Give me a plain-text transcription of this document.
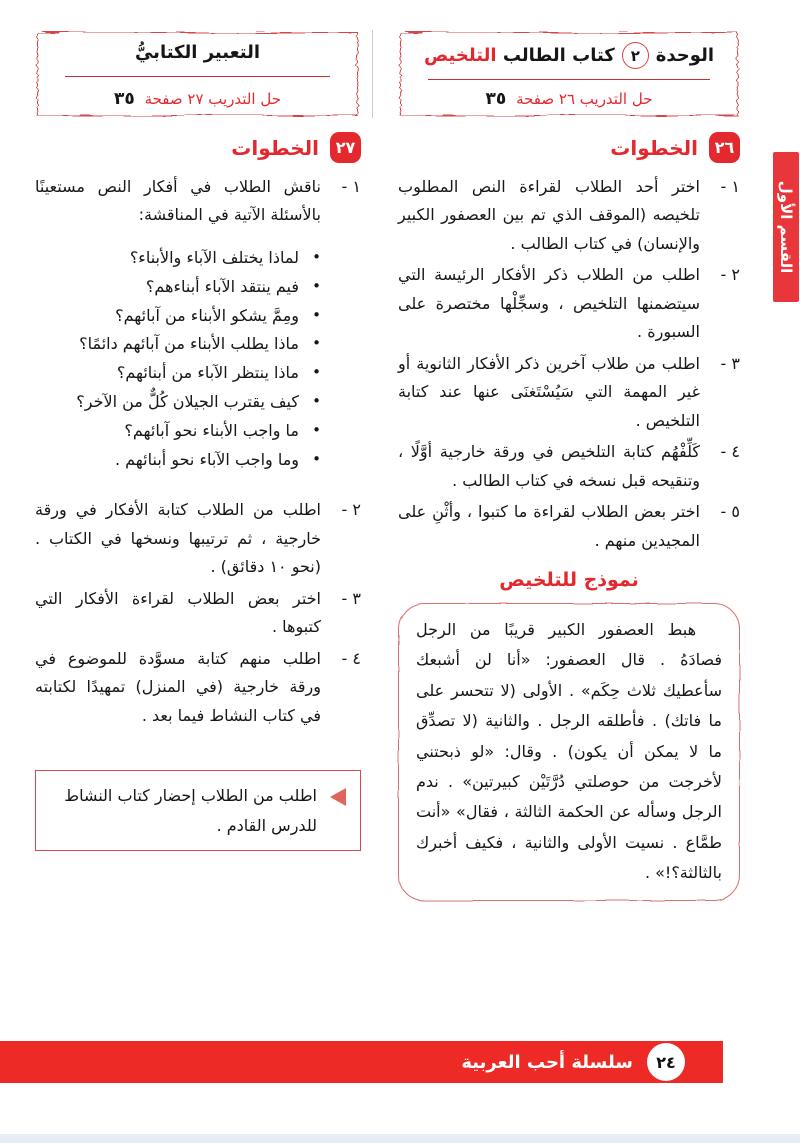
القسم الأول
الوحدة
٢
كتاب الطالب
التلخيص
حل التدريب ٢٦ صفحة ٣٥
التعبير الكتابيُّ
حل التدريب ٢٧ صفحة ٣٥
٢٦
الخطوات
١ -
اختر أحد الطلاب لقراءة النص المطلوب تلخيصه (الموقف الذي تم بين العصفور الكبير والإنسان) في كتاب الطالب .
٢ -
اطلب من الطلاب ذكر الأفكار الرئيسة التي سيتضمنها التلخيص ، وسجِّلْها مختصرة على السبورة .
٣ -
اطلب من طلاب آخرين ذكر الأفكار الثانوية أو غير المهمة التي سَيُسْتَغنَى عنها عند كتابة التلخيص .
٤ -
كَلِّفْهُم كتابة التلخيص في ورقة خارجية أوَّلًا ، وتنقيحه قبل نسخه في كتاب الطالب .
٥ -
اختر بعض الطلاب لقراءة ما كتبوا ، وأثْنِ على المجيدين منهم .
نموذج للتلخيص

هبط العصفور الكبير قريبًا من الرجل فصادَهُ . قال العصفور: «أنا لن أشبعك سأعطيك ثلاث حِكَم» . الأولى (لا تتحسر على ما فاتك) . فأطلقه الرجل . والثانية (لا تصدِّق ما لا يمكن أن يكون) . وقال: «لو ذبحتني لأخرجت من حوصلتي دُرَّتَيْن كبيرتين» . ندم الرجل وسأله عن الحكمة الثالثة ، فقال» «أنت طمَّاع . نسيت الأولى والثانية ، فكيف أخبرك بالثالثة؟!» .

٢٧
الخطوات
١ -
ناقش الطلاب في أفكار النص مستعينًا بالأسئلة الآتية في المناقشة:
• لماذا يختلف الآباء والأبناء؟
• فيم ينتقد الآباء أبناءهم؟
• ومِمَّ يشكو الأبناء من آبائهم؟
• ماذا يطلب الأبناء من آبائهم دائمًا؟
• ماذا ينتظر الآباء من أبنائهم؟
• كيف يقترب الجيلان كُلٌّ من الآخر؟
• ما واجب الأبناء نحو آبائهم؟
• وما واجب الآباء نحو أبنائهم .
٢ -
اطلب من الطلاب كتابة الأفكار في ورقة خارجية ، ثم ترتيبها ونسخها في الكتاب . (نحو ١٠ دقائق) .
٣ -
اختر بعض الطلاب لقراءة الأفكار التي كتبوها .
٤ -
اطلب منهم كتابة مسوَّدة للموضوع في ورقة خارجية (في المنزل) تمهيدًا لكتابته في كتاب النشاط فيما بعد .
اطلب من الطلاب إحضار كتاب النشاط للدرس القادم .
٢٤
سلسلة أحب العربية
